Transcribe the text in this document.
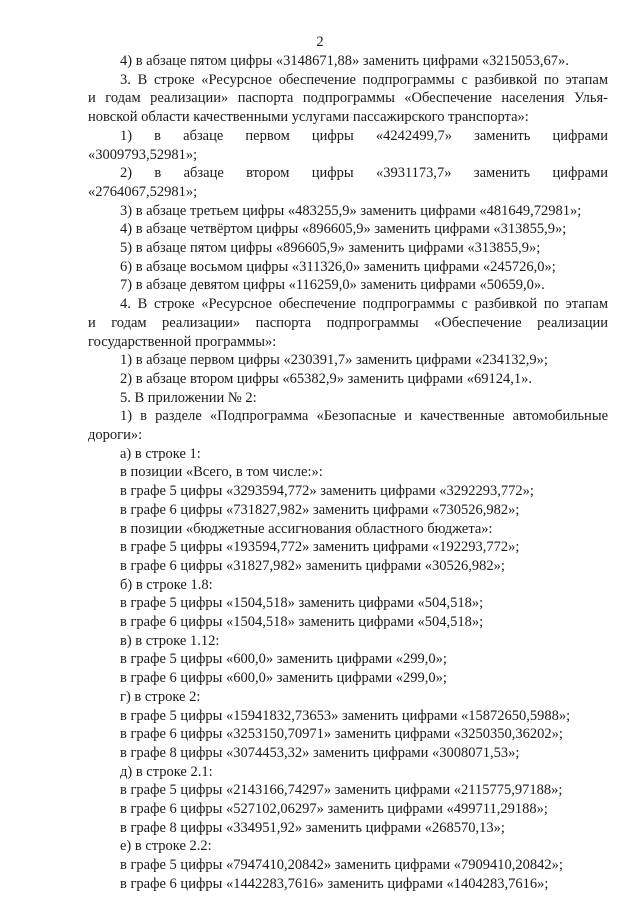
2
4) в абзаце пятом цифры «3148671,88» заменить цифрами «3215053,67».
3. В строке «Ресурсное обеспечение подпрограммы с разбивкой по этапам
и годам реализации» паспорта подпрограммы «Обеспечение населения Улья-
новской области качественными услугами пассажирского транспорта»:
1) в абзаце первом цифры «4242499,7» заменить цифрами
«3009793,52981»;
2) в абзаце втором цифры «3931173,7» заменить цифрами
«2764067,52981»;
3) в абзаце третьем цифры «483255,9» заменить цифрами «481649,72981»;
4) в абзаце четвёртом цифры «896605,9» заменить цифрами «313855,9»;
5) в абзаце пятом цифры «896605,9» заменить цифрами «313855,9»;
6) в абзаце восьмом цифры «311326,0» заменить цифрами «245726,0»;
7) в абзаце девятом цифры «116259,0» заменить цифрами «50659,0».
4. В строке «Ресурсное обеспечение подпрограммы с разбивкой по этапам
и годам реализации» паспорта подпрограммы «Обеспечение реализации
государственной программы»:
1) в абзаце первом цифры «230391,7» заменить цифрами «234132,9»;
2) в абзаце втором цифры «65382,9» заменить цифрами «69124,1».
5. В приложении № 2:
1) в разделе «Подпрограмма «Безопасные и качественные автомобильные
дороги»:
а) в строке 1:
в позиции «Всего, в том числе:»:
в графе 5 цифры «3293594,772» заменить цифрами «3292293,772»;
в графе 6 цифры «731827,982» заменить цифрами «730526,982»;
в позиции «бюджетные ассигнования областного бюджета»:
в графе 5 цифры «193594,772» заменить цифрами «192293,772»;
в графе 6 цифры «31827,982» заменить цифрами «30526,982»;
б) в строке 1.8:
в графе 5 цифры «1504,518» заменить цифрами «504,518»;
в графе 6 цифры «1504,518» заменить цифрами «504,518»;
в) в строке 1.12:
в графе 5 цифры «600,0» заменить цифрами «299,0»;
в графе 6 цифры «600,0» заменить цифрами «299,0»;
г) в строке 2:
в графе 5 цифры «15941832,73653» заменить цифрами «15872650,5988»;
в графе 6 цифры «3253150,70971» заменить цифрами «3250350,36202»;
в графе 8 цифры «3074453,32» заменить цифрами «3008071,53»;
д) в строке 2.1:
в графе 5 цифры «2143166,74297» заменить цифрами «2115775,97188»;
в графе 6 цифры «527102,06297» заменить цифрами «499711,29188»;
в графе 8 цифры «334951,92» заменить цифрами «268570,13»;
е) в строке 2.2:
в графе 5 цифры «7947410,20842» заменить цифрами «7909410,20842»;
в графе 6 цифры «1442283,7616» заменить цифрами «1404283,7616»;
